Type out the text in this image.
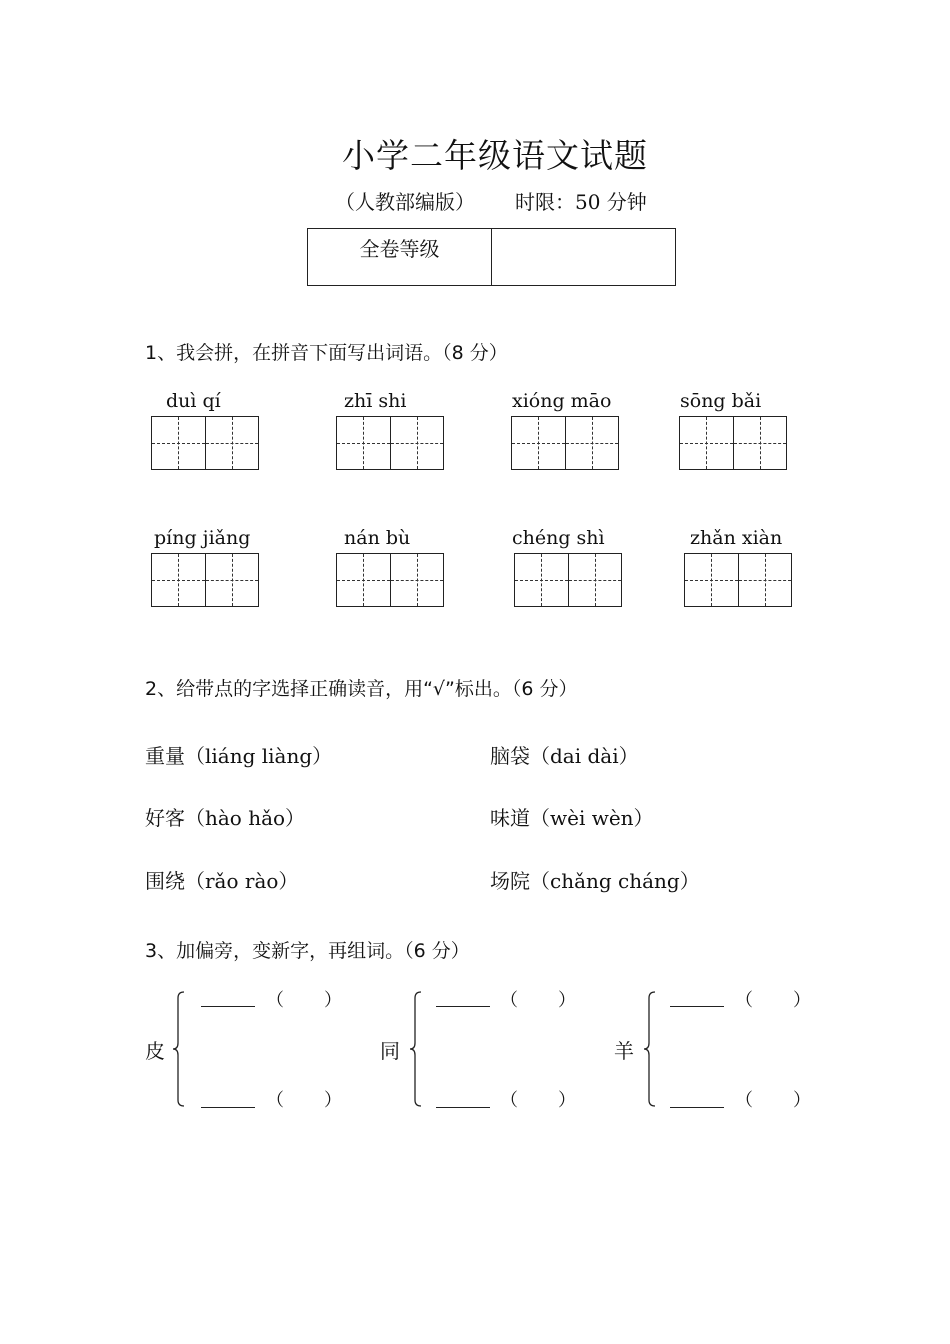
小学二年级语文试题
（人教部编版） 时限：50 分钟
全卷等级
1、我会拼，在拼音下面写出词语。（8 分）
duì qí	zhī shi	xióng māo	sōng bǎi
píng jiǎng	nán bù	chéng shì	zhǎn xiàn
2、给带点的字选择正确读音，用“√”标出。（6 分）
重量（liáng liàng）	脑袋（dai dài）
好客（hào hǎo）	味道（wèi wèn）
围绕（rǎo rào）	场院（chǎng cháng）
3、加偏旁，变新字，再组词。（6 分）
皮
（ ）
（ ）
同
（ ）
（ ）
羊
（ ）
（ ）
